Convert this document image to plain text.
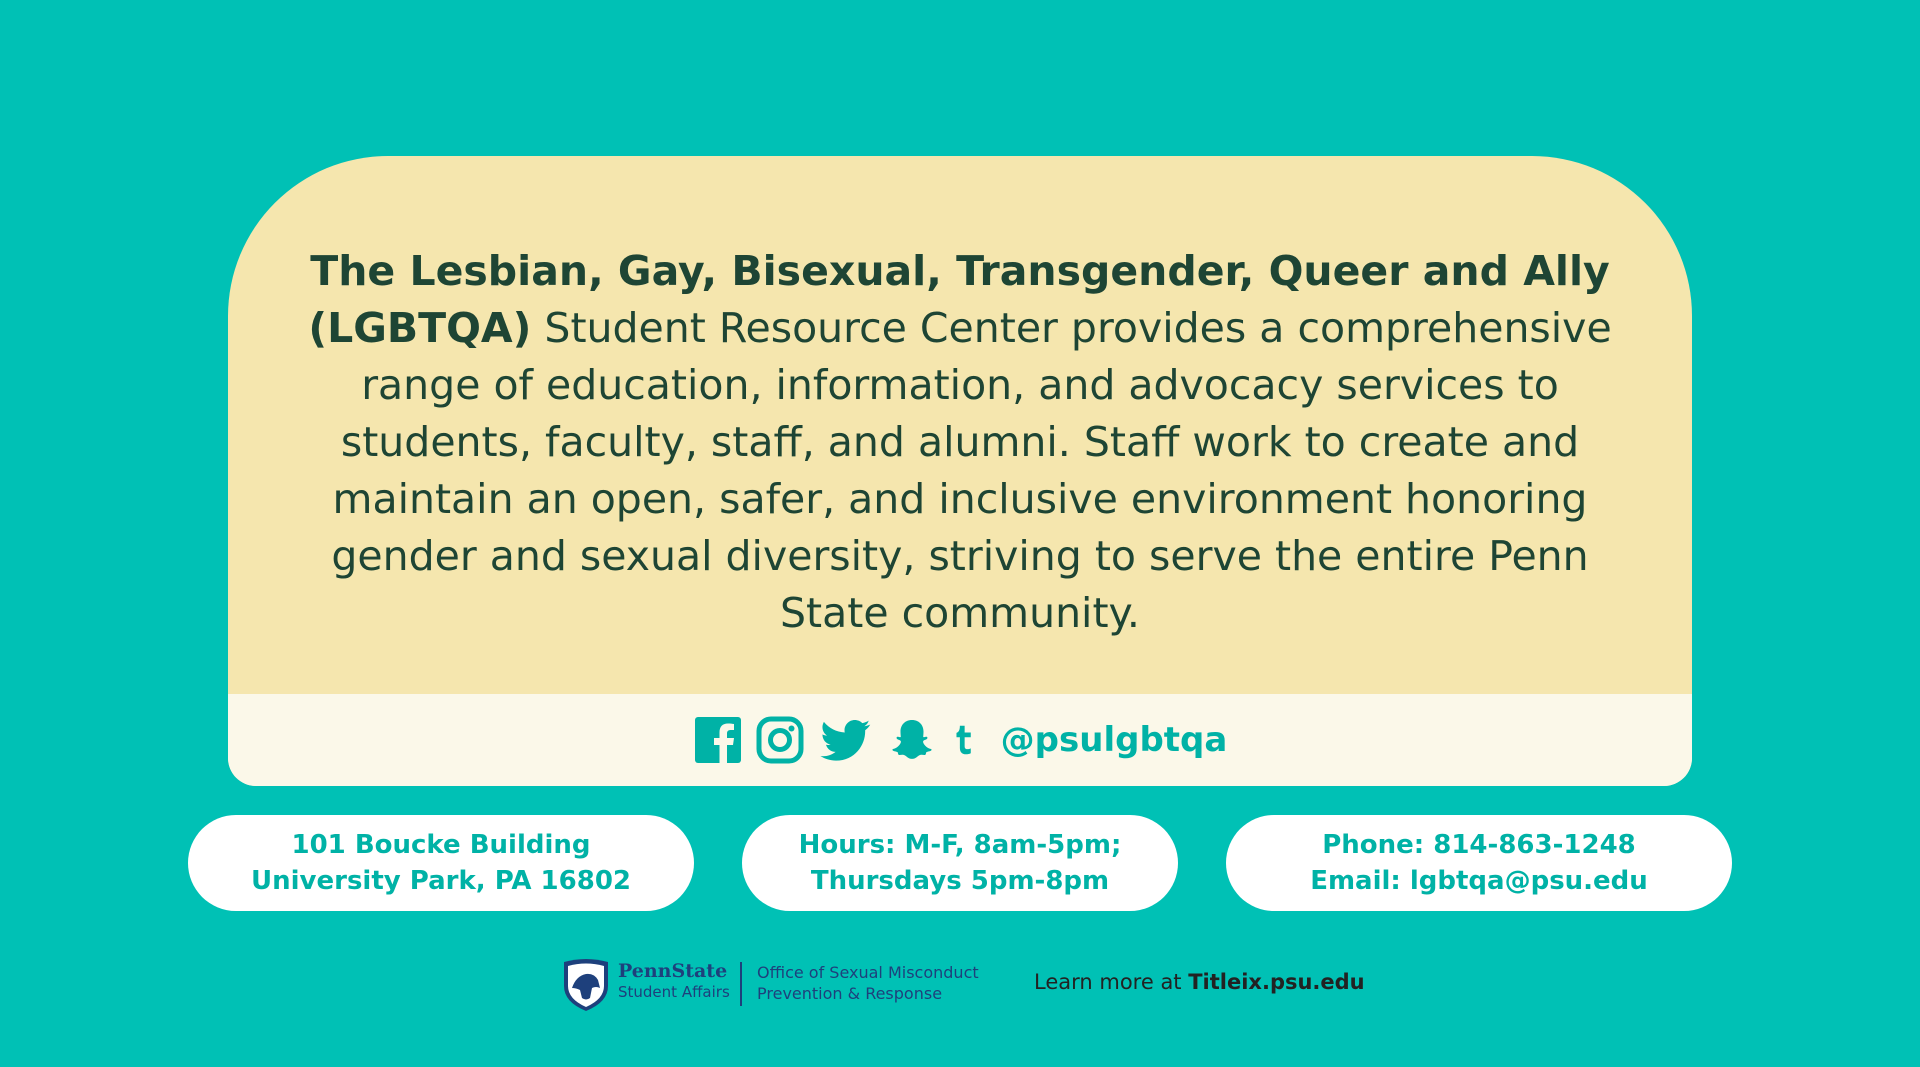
The Lesbian, Gay, Bisexual, Transgender, Queer and Ally (LGBTQA) Student Resource Center provides a comprehensive range of education, information, and advocacy services to students, faculty, staff, and alumni. Staff work to create and maintain an open, safer, and inclusive environment honoring gender and sexual diversity, striving to serve the entire Penn State community.
@psulgbtqa
101 Boucke Building
University Park, PA 16802
Hours: M-F, 8am-5pm;
Thursdays 5pm-8pm
Phone: 814-863-1248
Email: lgbtqa@psu.edu
PennState
Student Affairs
Office of Sexual Misconduct
Prevention & Response	Learn more at Titleix.psu.edu
